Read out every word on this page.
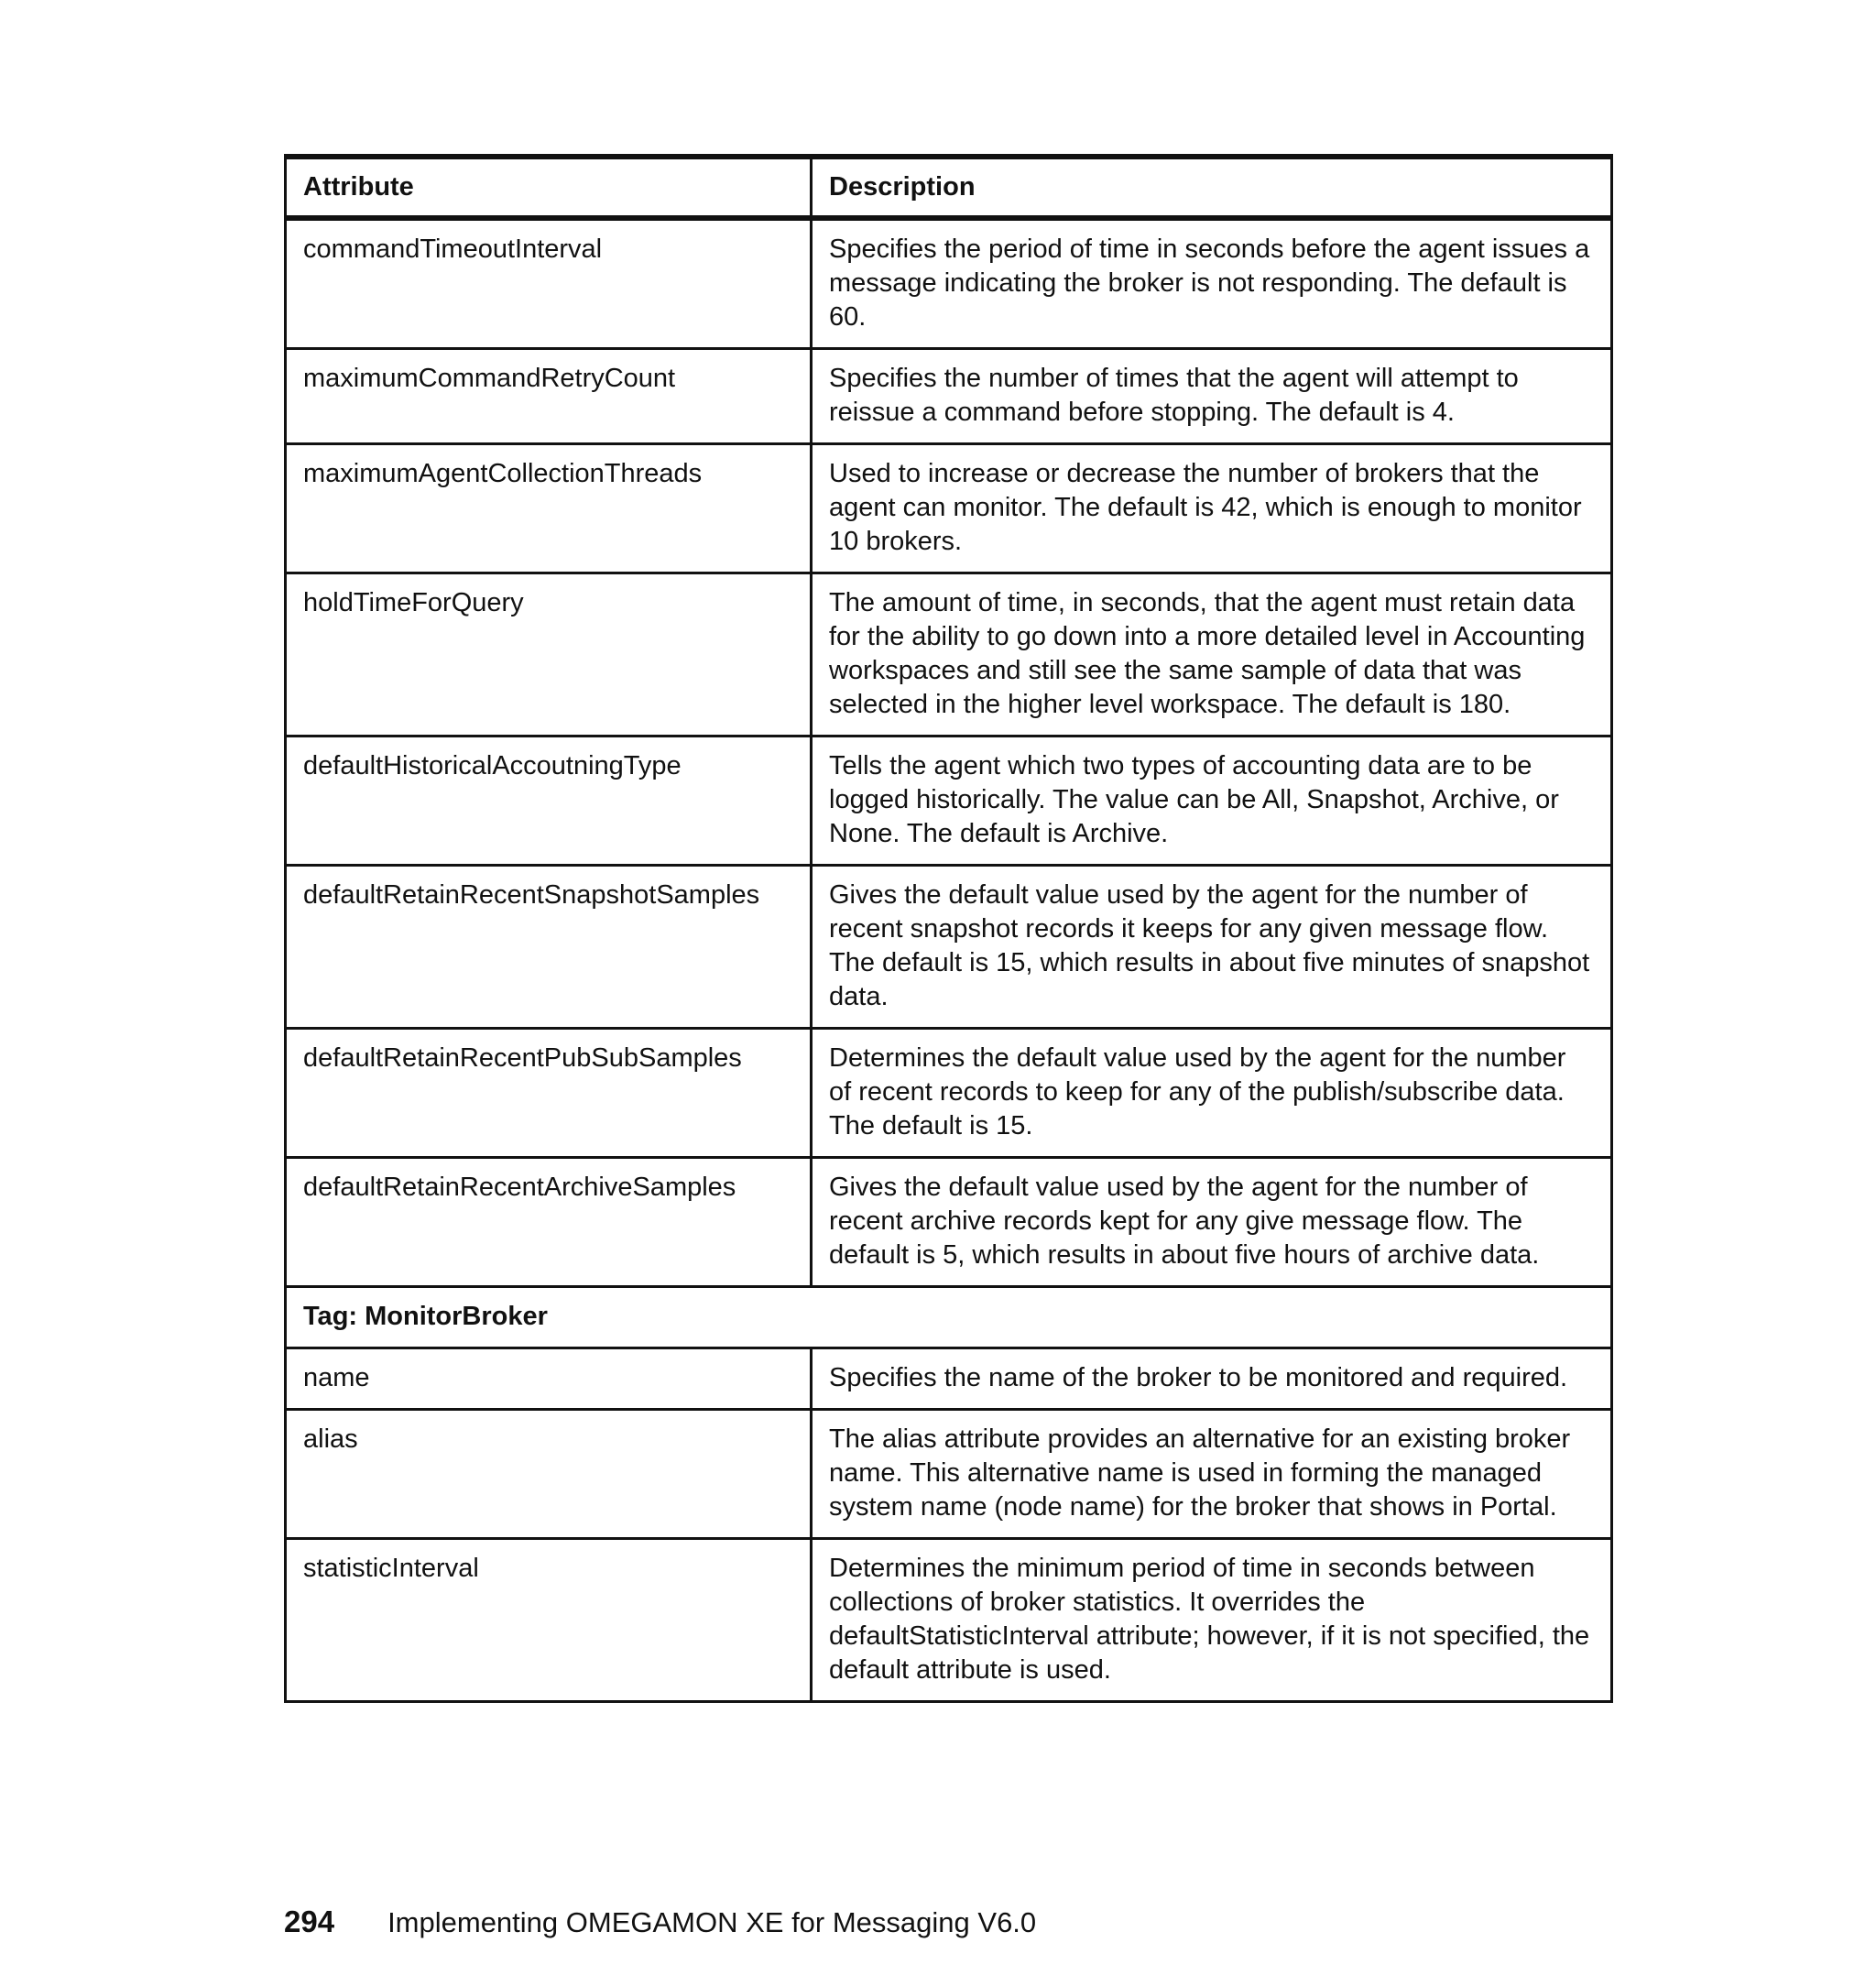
Attribute	Description
commandTimeoutInterval	Specifies the period of time in seconds before the agent issues a message indicating the broker is not responding. The default is 60.
maximumCommandRetryCount	Specifies the number of times that the agent will attempt to reissue a command before stopping. The default is 4.
maximumAgentCollectionThreads	Used to increase or decrease the number of brokers that the agent can monitor. The default is 42, which is enough to monitor 10 brokers.
holdTimeForQuery	The amount of time, in seconds, that the agent must retain data for the ability to go down into a more detailed level in Accounting workspaces and still see the same sample of data that was selected in the higher level workspace. The default is 180.
defaultHistoricalAccoutningType	Tells the agent which two types of accounting data are to be logged historically. The value can be All, Snapshot, Archive, or None. The default is Archive.
defaultRetainRecentSnapshotSamples	Gives the default value used by the agent for the number of recent snapshot records it keeps for any given message flow. The default is 15, which results in about five minutes of snapshot data.
defaultRetainRecentPubSubSamples	Determines the default value used by the agent for the number of recent records to keep for any of the publish/subscribe data. The default is 15.
defaultRetainRecentArchiveSamples	Gives the default value used by the agent for the number of recent archive records kept for any give message flow. The default is 5, which results in about five hours of archive data.
Tag: MonitorBroker	
name	Specifies the name of the broker to be monitored and required.
alias	The alias attribute provides an alternative for an existing broker name. This alternative name is used in forming the managed system name (node name) for the broker that shows in Portal.
statisticInterval	Determines the minimum period of time in seconds between collections of broker statistics. It overrides the defaultStatisticInterval attribute; however, if it is not specified, the default attribute is used.
294 Implementing OMEGAMON XE for Messaging V6.0
